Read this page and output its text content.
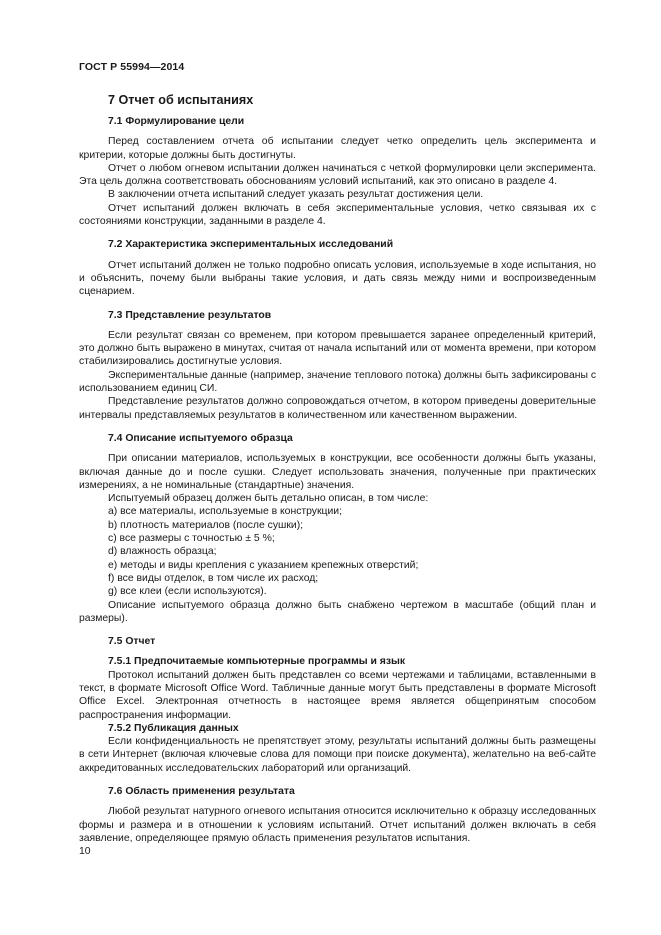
ГОСТ Р 55994—2014
7 Отчет об испытаниях
7.1 Формулирование цели

Перед составлением отчета об испытании следует четко определить цель эксперимента и критерии, которые должны быть достигнуты.

Отчет о любом огневом испытании должен начинаться с четкой формулировки цели эксперимента. Эта цель должна соответствовать обоснованиям условий испытаний, как это описано в разделе 4.

В заключении отчета испытаний следует указать результат достижения цели.

Отчет испытаний должен включать в себя экспериментальные условия, четко связывая их с состояниями конструкции, заданными в разделе 4.

7.2 Характеристика экспериментальных исследований

Отчет испытаний должен не только подробно описать условия, используемые в ходе испытания, но и объяснить, почему были выбраны такие условия, и дать связь между ними и воспроизведенным сценарием.

7.3 Представление результатов

Если результат связан со временем, при котором превышается заранее определенный критерий, это должно быть выражено в минутах, считая от начала испытаний или от момента времени, при котором стабилизировались достигнутые условия.

Экспериментальные данные (например, значение теплового потока) должны быть зафиксированы с использованием единиц СИ.

Представление результатов должно сопровождаться отчетом, в котором приведены доверительные интервалы представляемых результатов в количественном или качественном выражении.

7.4 Описание испытуемого образца

При описании материалов, используемых в конструкции, все особенности должны быть указаны, включая данные до и после сушки. Следует использовать значения, полученные при практических измерениях, а не номинальные (стандартные) значения.

Испытуемый образец должен быть детально описан, в том числе:

a) все материалы, используемые в конструкции;

b) плотность материалов (после сушки);

c) все размеры с точностью ± 5 %;

d) влажность образца;

e) методы и виды крепления с указанием крепежных отверстий;

f) все виды отделок, в том числе их расход;

g) все клеи (если используются).

Описание испытуемого образца должно быть снабжено чертежом в масштабе (общий план и размеры).

7.5 Отчет
7.5.1 Предпочитаемые компьютерные программы и язык

Протокол испытаний должен быть представлен со всеми чертежами и таблицами, вставленными в текст, в формате Microsoft Office Word. Табличные данные могут быть представлены в формате Microsoft Office Excel. Электронная отчетность в настоящее время является общепринятым способом распространения информации.

7.5.2 Публикация данных

Если конфиденциальность не препятствует этому, результаты испытаний должны быть размещены в сети Интернет (включая ключевые слова для помощи при поиске документа), желательно на веб-сайте аккредитованных исследовательских лабораторий или организаций.

7.6 Область применения результата

Любой результат натурного огневого испытания относится исключительно к образцу исследованных формы и размера и в отношении к условиям испытаний. Отчет испытаний должен включать в себя заявление, определяющее прямую область применения результатов испытания.

10
